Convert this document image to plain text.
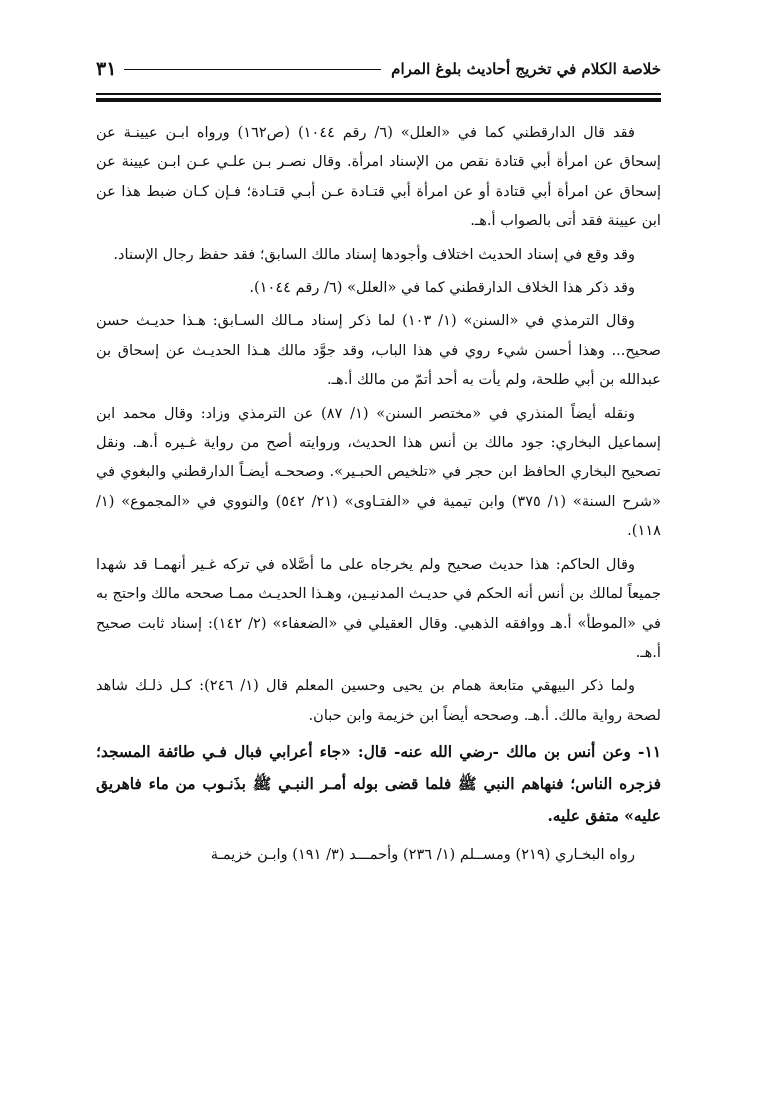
خلاصة الكلام في تخريج أحاديث بلوغ المرام
٣١

فقد قال الدارقطني كما في «العلل» (٦/ رقم ١٠٤٤) (ص١٦٢) ورواه ابـن عيينـة عن إسحاق عن امرأة أبي قتادة نقص من الإسناد امرأة. وقال نصـر بـن علـي عـن ابـن عيينة عن إسحاق عن امرأة أبي قتادة أو عن امرأة أبي قتـادة عـن أبـي قتـادة؛ فـإن كـان ضبط هذا عن ابن عيينة فقد أتى بالصواب أ.هـ.

وقد وقع في إسناد الحديث اختلاف وأجودها إسناد مالك السابق؛ فقد حفظ رجال الإسناد.

وقد ذكر هذا الخلاف الدارقطني كما في «العلل» (٦/ رقم ١٠٤٤).

وقال الترمذي في «السنن» (١/ ١٠٣) لما ذكر إسناد مـالك السـابق: هـذا حديـث حسن صحيح... وهذا أحسن شيء روي في هذا الباب، وقد جوَّد مالك هـذا الحديـث عن إسحاق بن عبدالله بن أبي طلحة، ولم يأت به أحد أتمّ من مالك أ.هـ.

ونقله أيضاً المنذري في «مختصر السنن» (١/ ٨٧) عن الترمذي وزاد: وقال محمد ابن إسماعيل البخاري: جود مالك بن أنس هذا الحديث، وروايته أصح من رواية غـيره أ.هـ. ونقل تصحيح البخاري الحافظ ابن حجر في «تلخيص الحبـير». وصححـه أيضـاً الدارقطني والبغوي في «شرح السنة» (١/ ٣٧٥) وابن تيمية في «الفتـاوى» (٢١/ ٥٤٢) والنووي في «المجموع» (١/ ١١٨).

وقال الحاكم: هذا حديث صحيح ولم يخرجاه على ما أصَّلاه في تركه غـير أنهمـا قد شهدا جميعاً لمالك بن أنس أنه الحكم في حديـث المدنيـين، وهـذا الحديـث ممـا صححه مالك واحتج به في «الموطأ» أ.هـ ووافقه الذهبي. وقال العقيلي في «الضعفاء» (٢/ ١٤٢): إسناد ثابت صحيح أ.هـ.

ولما ذكر البيهقي متابعة همام بن يحيى وحسين المعلم قال (١/ ٢٤٦): كـل ذلـك شاهد لصحة رواية مالك. أ.هـ. وصححه أيضاً ابن خزيمة وابن حبان.

١١- وعن أنس بن مالك -رضي الله عنه- قال: «جاء أعرابي فبال فـي طائفة المسجد؛ فزجره الناس؛ فنهاهم النبي ﷺ فلما قضى بوله أمـر النبـي ﷺ بذَنـوب من ماء فاهريق عليه» متفق عليه.

رواه البخـاري (٢١٩) ومســلم (١/ ٢٣٦) وأحمـــد (٣/ ١٩١) وابـن خزيمـة
